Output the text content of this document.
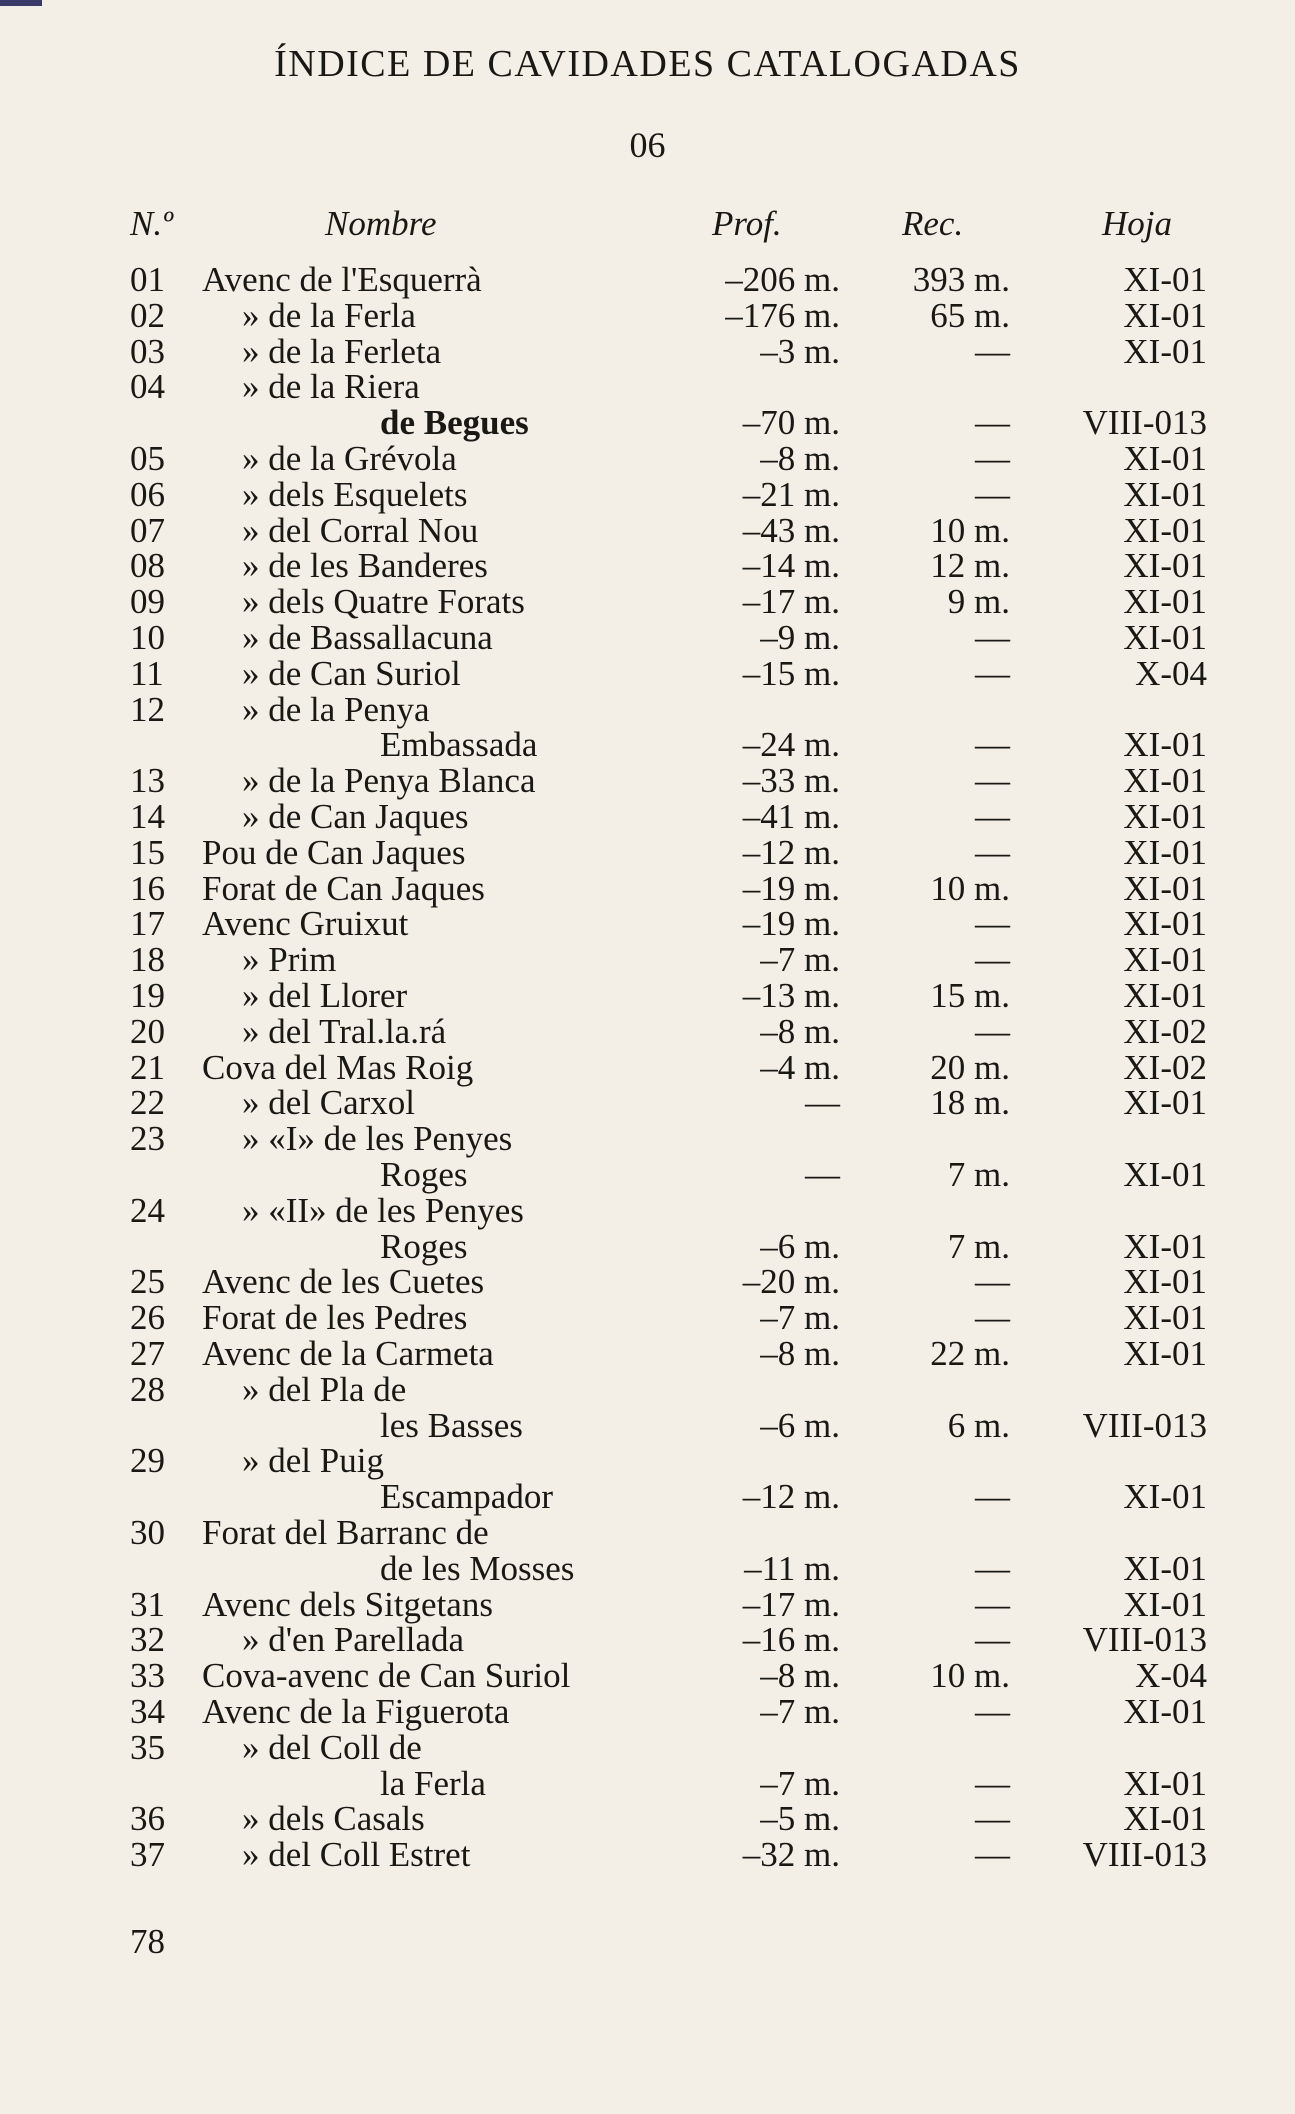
ÍNDICE DE CAVIDADES CATALOGADAS
06
N.º	Nombre	Prof.	Rec.	Hoja
01 Avenc de l'Esquerrà	–206 m. 393 m.	XI-01
02 » de la Ferla	–176 m.	65 m.	XI-01
03 » de la Ferleta	–3 m.	—	XI-01
04 » de la Riera
de Begues	–70 m.	— VIII-013
05 » de la Grévola	–8 m.	—	XI-01
06 » dels Esquelets	–21 m.	—	XI-01
07 » del Corral Nou	–43 m.	10 m.	XI-01
08 » de les Banderes	–14 m.	12 m.	XI-01
09 » dels Quatre Forats	–17 m.	9 m.	XI-01
10 » de Bassallacuna	–9 m.	—	XI-01
11 » de Can Suriol	–15 m.	—	X-04
12 » de la Penya
Embassada	–24 m.	—	XI-01
13 » de la Penya Blanca	–33 m.	—	XI-01
14 » de Can Jaques	–41 m.	—	XI-01
15 Pou de Can Jaques	–12 m.	—	XI-01
16 Forat de Can Jaques	–19 m.	10 m.	XI-01
17 Avenc Gruixut	–19 m.	—	XI-01
18 » Prim	–7 m.	—	XI-01
19 » del Llorer	–13 m.	15 m.	XI-01
20 » del Tral.la.rá	–8 m.	—	XI-02
21 Cova del Mas Roig	–4 m.	20 m.	XI-02
22 » del Carxol	—	18 m.	XI-01
23 » «I» de les Penyes
Roges	—	7 m.	XI-01
24 » «II» de les Penyes
Roges	–6 m.	7 m.	XI-01
25 Avenc de les Cuetes	–20 m.	—	XI-01
26 Forat de les Pedres	–7 m.	—	XI-01
27 Avenc de la Carmeta	–8 m.	22 m.	XI-01
28 » del Pla de
les Basses	–6 m.	6 m. VIII-013
29 » del Puig
Escampador	–12 m.	—	XI-01
30 Forat del Barranc de
de les Mosses	–11 m.	—	XI-01
31 Avenc dels Sitgetans	–17 m.	—	XI-01
32 » d'en Parellada	–16 m.	— VIII-013
33 Cova-avenc de Can Suriol	–8 m.	10 m.	X-04
34 Avenc de la Figuerota	–7 m.	—	XI-01
35 » del Coll de
la Ferla	–7 m.	—	XI-01
36 » dels Casals	–5 m.	—	XI-01
37 » del Coll Estret	–32 m.	— VIII-013
78
